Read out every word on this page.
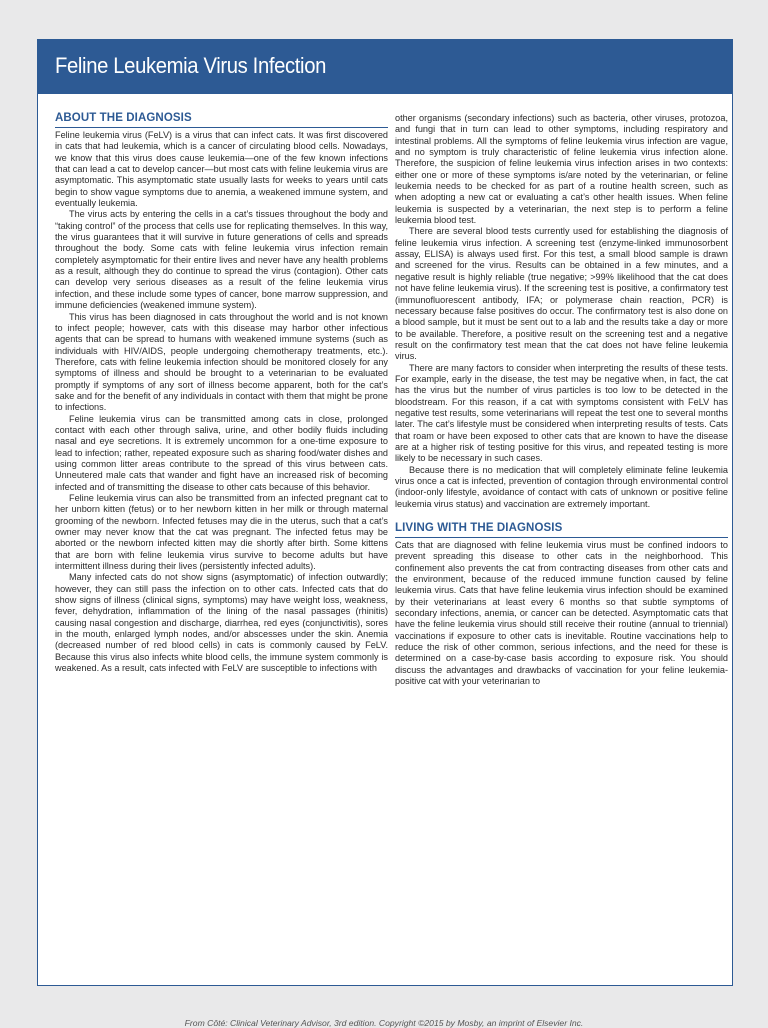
Feline Leukemia Virus Infection
ABOUT THE DIAGNOSIS

Feline leukemia virus (FeLV) is a virus that can infect cats. It was first discovered in cats that had leukemia, which is a cancer of circulating blood cells. Nowadays, we know that this virus does cause leukemia—one of the few known infections that can lead a cat to develop cancer—but most cats with feline leukemia virus are asymptomatic. This asymptomatic state usually lasts for weeks to years until cats begin to show vague symptoms due to anemia, a weakened immune system, and eventually leukemia.

The virus acts by entering the cells in a cat’s tissues throughout the body and “taking control” of the process that cells use for replicating themselves. In this way, the virus guarantees that it will survive in future generations of cells and spreads throughout the body. Some cats with feline leukemia virus infection remain completely asymptomatic for their entire lives and never have any health problems as a result, although they do continue to spread the virus (contagion). Other cats can develop very serious diseases as a result of the feline leukemia virus infection, and these include some types of cancer, bone marrow suppression, and immune deficiencies (weakened immune system).

This virus has been diagnosed in cats throughout the world and is not known to infect people; however, cats with this disease may harbor other infectious agents that can be spread to humans with weakened immune systems (such as individuals with HIV/AIDS, people undergoing chemotherapy treatments, etc.). Therefore, cats with feline leukemia infection should be monitored closely for any symptoms of illness and should be brought to a veterinarian to be evaluated promptly if symptoms of any sort of illness become apparent, both for the cat’s sake and for the benefit of any individuals in contact with them that might be prone to infections.

Feline leukemia virus can be transmitted among cats in close, prolonged contact with each other through saliva, urine, and other bodily fluids including nasal and eye secretions. It is extremely uncommon for a one-time exposure to lead to infection; rather, repeated exposure such as sharing food/water dishes and using common litter areas contribute to the spread of this virus between cats. Unneutered male cats that wander and fight have an increased risk of becoming infected and of transmitting the disease to other cats because of this behavior.

Feline leukemia virus can also be transmitted from an infected pregnant cat to her unborn kitten (fetus) or to her newborn kitten in her milk or through maternal grooming of the newborn. Infected fetuses may die in the uterus, such that a cat’s owner may never know that the cat was pregnant. The infected fetus may be aborted or the newborn infected kitten may die shortly after birth. Some kittens that are born with feline leukemia virus survive to become adults but have intermittent illness during their lives (persistently infected adults).

Many infected cats do not show signs (asymptomatic) of infection outwardly; however, they can still pass the infection on to other cats. Infected cats that do show signs of illness (clinical signs, symptoms) may have weight loss, weakness, fever, dehydration, inflammation of the lining of the nasal passages (rhinitis) causing nasal congestion and discharge, diarrhea, red eyes (conjunctivitis), sores in the mouth, enlarged lymph nodes, and/or abscesses under the skin. Anemia (decreased number of red blood cells) in cats is commonly caused by FeLV. Because this virus also infects white blood cells, the immune system commonly is weakened. As a result, cats infected with FeLV are susceptible to infections with

other organisms (secondary infections) such as bacteria, other viruses, protozoa, and fungi that in turn can lead to other symptoms, including respiratory and intestinal problems. All the symptoms of feline leukemia virus infection are vague, and no symptom is truly characteristic of feline leukemia virus infection alone. Therefore, the suspicion of feline leukemia virus infection arises in two contexts: either one or more of these symptoms is/are noted by the veterinarian, or feline leukemia needs to be checked for as part of a routine health screen, such as when adopting a new cat or evaluating a cat’s other health issues. When feline leukemia is suspected by a veterinarian, the next step is to perform a feline leukemia blood test.

There are several blood tests currently used for establishing the diagnosis of feline leukemia virus infection. A screening test (enzyme-linked immunosorbent assay, ELISA) is always used first. For this test, a small blood sample is drawn and screened for the virus. Results can be obtained in a few minutes, and a negative result is highly reliable (true negative; >99% likelihood that the cat does not have feline leukemia virus). If the screening test is positive, a confirmatory test (immunofluorescent antibody, IFA; or polymerase chain reaction, PCR) is necessary because false positives do occur. The confirmatory test is also done on a blood sample, but it must be sent out to a lab and the results take a day or more to be available. Therefore, a positive result on the screening test and a negative result on the confirmatory test mean that the cat does not have feline leukemia virus.

There are many factors to consider when interpreting the results of these tests. For example, early in the disease, the test may be negative when, in fact, the cat has the virus but the number of virus particles is too low to be detected in the bloodstream. For this reason, if a cat with symptoms consistent with FeLV has negative test results, some veterinarians will repeat the test one to several months later. The cat’s lifestyle must be considered when interpreting results of tests. Cats that roam or have been exposed to other cats that are known to have the disease are at a higher risk of testing positive for this virus, and repeated testing is more likely to be necessary in such cases.

Because there is no medication that will completely eliminate feline leukemia virus once a cat is infected, prevention of contagion through environmental control (indoor-only lifestyle, avoidance of contact with cats of unknown or positive feline leukemia virus status) and vaccination are extremely important.

LIVING WITH THE DIAGNOSIS

Cats that are diagnosed with feline leukemia virus must be confined indoors to prevent spreading this disease to other cats in the neighborhood. This confinement also prevents the cat from contracting diseases from other cats and the environment, because of the reduced immune function caused by feline leukemia virus. Cats that have feline leukemia virus infection should be examined by their veterinarians at least every 6 months so that subtle symptoms of secondary infections, anemia, or cancer can be detected. Asymptomatic cats that have the feline leukemia virus should still receive their routine (annual to triennial) vaccinations if exposure to other cats is inevitable. Routine vaccinations help to reduce the risk of other common, serious infections, and the need for these is determined on a case-by-case basis according to exposure risk. You should discuss the advantages and drawbacks of vaccination for your feline leukemia-positive cat with your veterinarian to

From Côté: Clinical Veterinary Advisor, 3rd edition. Copyright ©2015 by Mosby, an imprint of Elsevier Inc.
